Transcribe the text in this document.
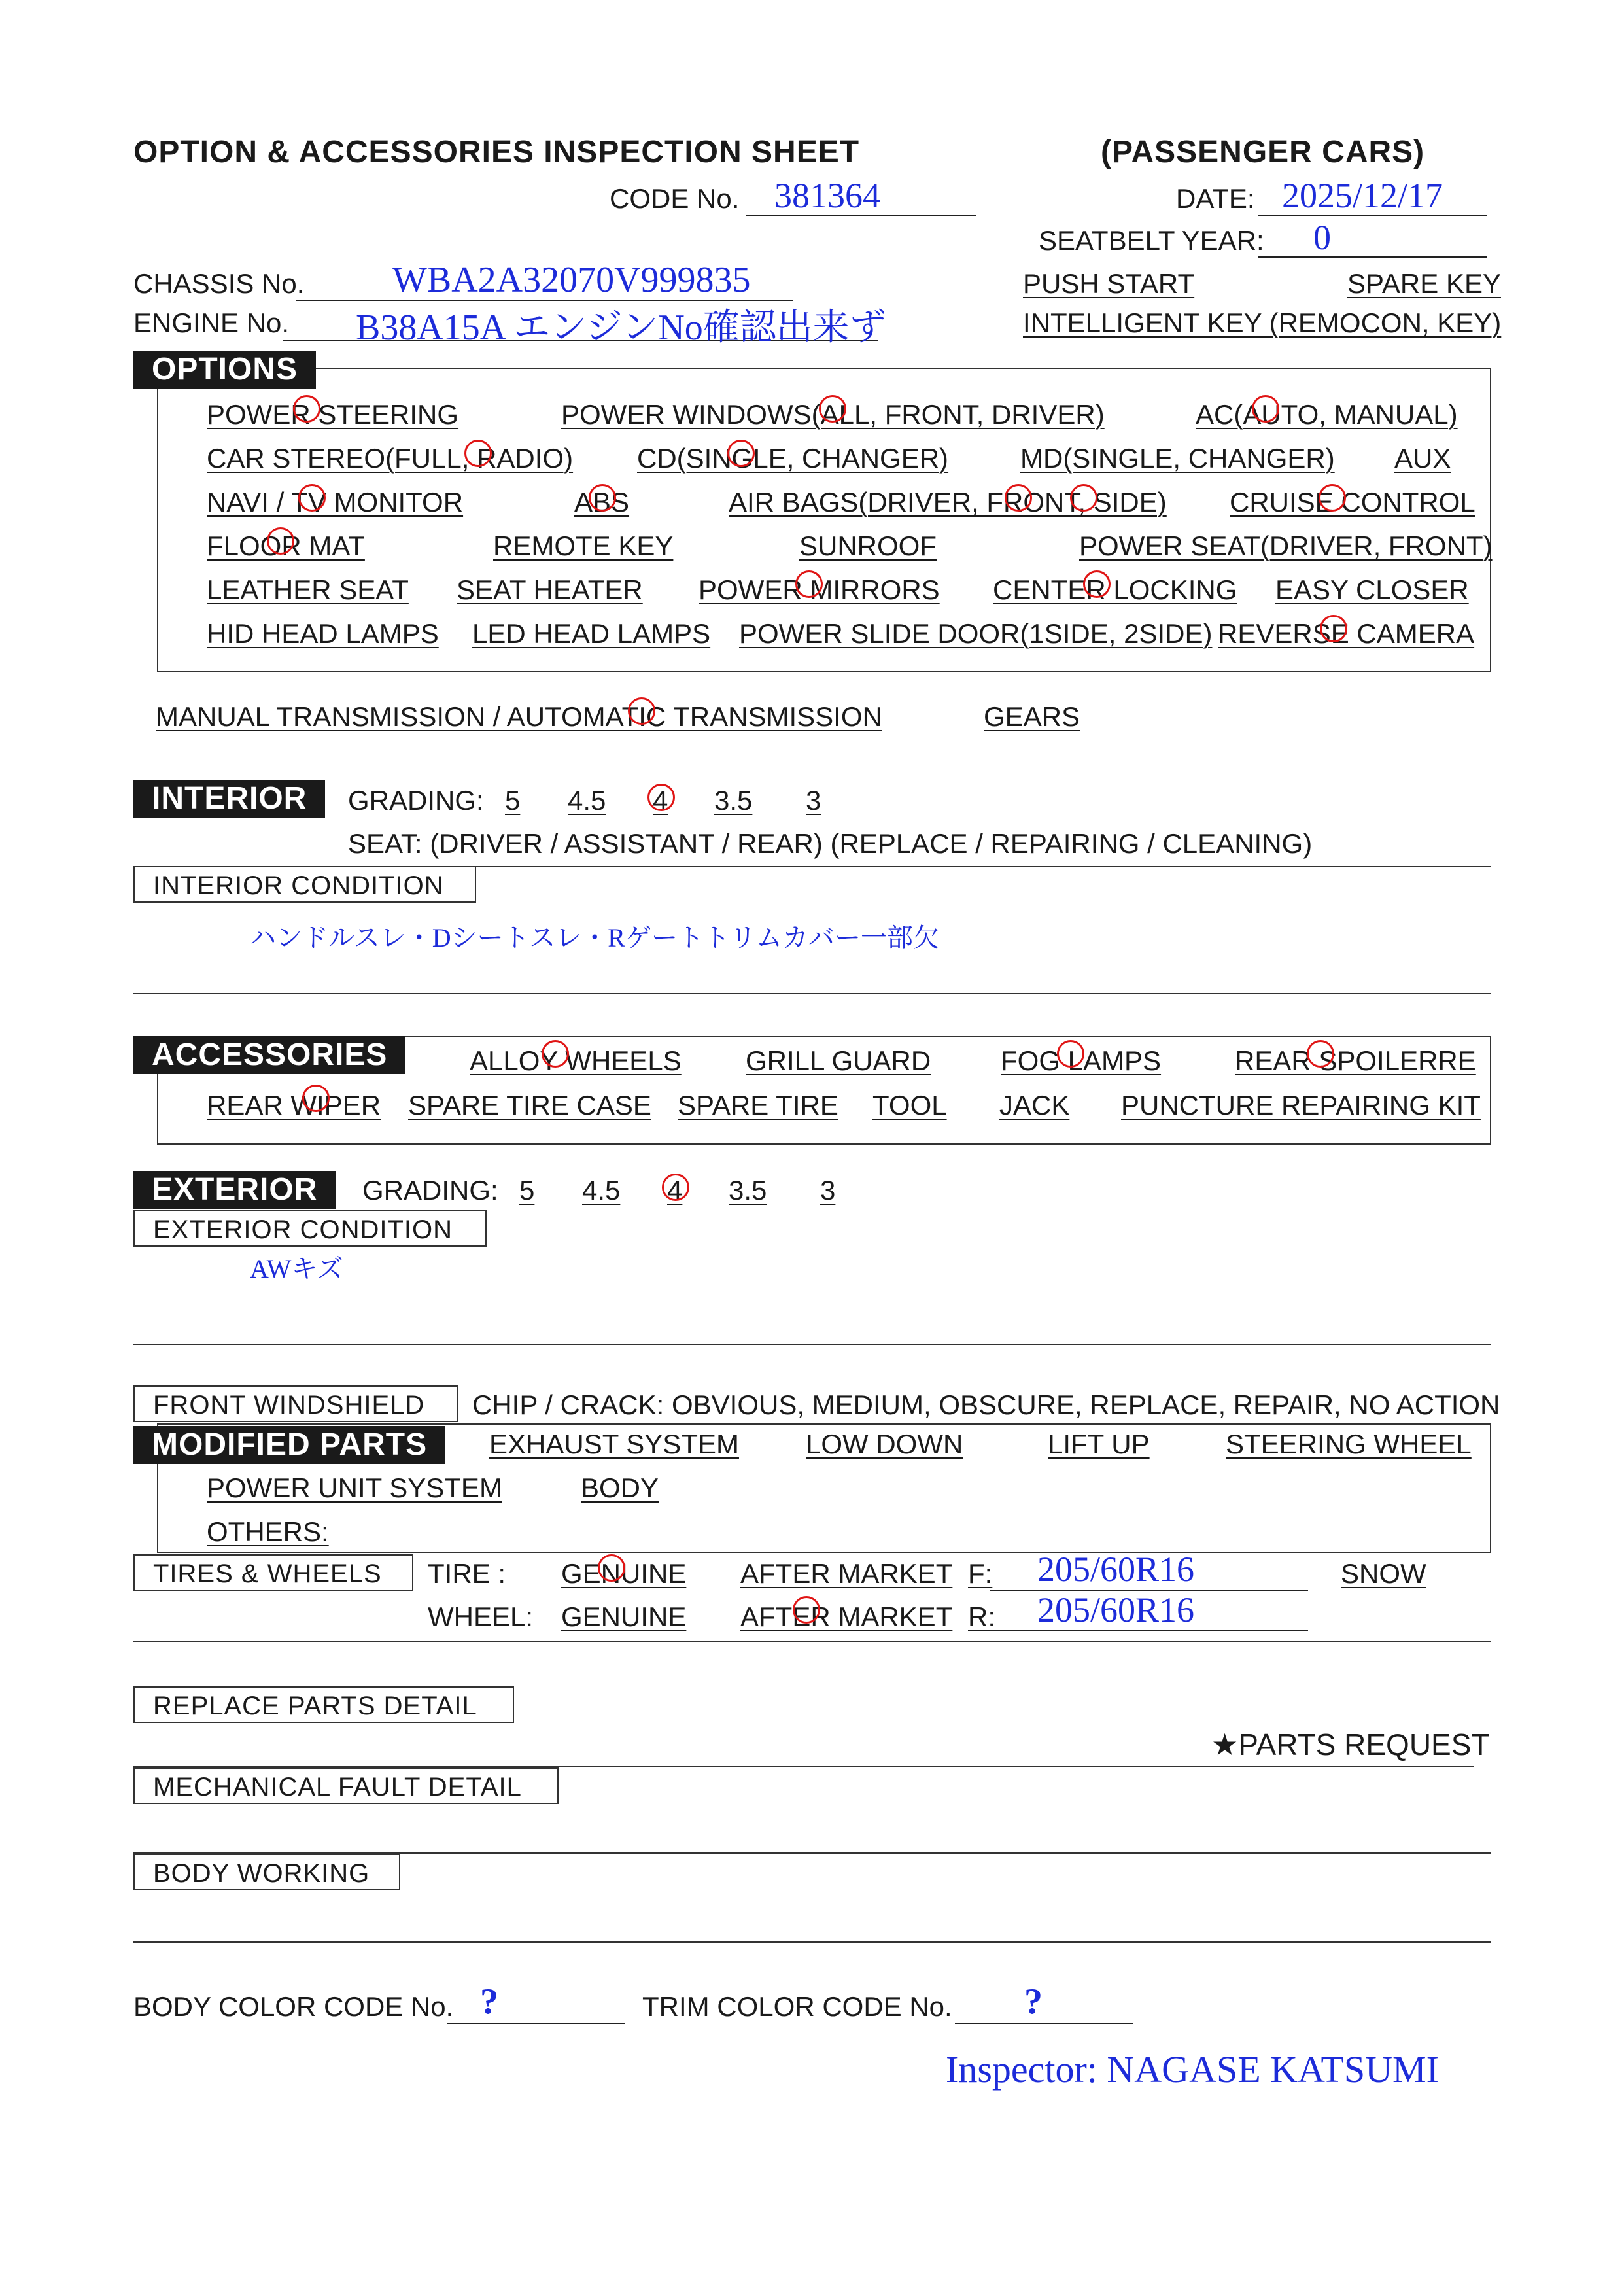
OPTION & ACCESSORIES INSPECTION SHEET	(PASSENGER CARS)
CODE No. 381364	DATE: 2025/12/17
SEATBELT YEAR: 0
CHASSIS No. WBA2A32070V999835
ENGINE No. B38A15A エンジンNo確認出来ず
PUSH START	SPARE KEY
INTELLIGENT KEY (REMOCON, KEY)
OPTIONS
POWER STEERING	POWER WINDOWS(ALL, FRONT, DRIVER)	AC(AUTO, MANUAL)
CAR STEREO(FULL, RADIO) CD(SINGLE, CHANGER)	MD(SINGLE, CHANGER) AUX
NAVI / TV MONITOR	ABS	AIR BAGS(DRIVER, FRONT, SIDE) CRUISE CONTROL
FLOOR MAT	REMOTE KEY	SUNROOF	POWER SEAT(DRIVER, FRONT)
LEATHER SEAT SEAT HEATER POWER MIRRORS CENTER LOCKING EASY CLOSER
HID HEAD LAMPS LED HEAD LAMPS POWER SLIDE DOOR(1SIDE, 2SIDE) REVERSE CAMERA
MANUAL TRANSMISSION / AUTOMATIC TRANSMISSION	GEARS
INTERIOR	GRADING: 5 4.5 4 3.5 3
SEAT: (DRIVER / ASSISTANT / REAR) (REPLACE / REPAIRING / CLEANING)
INTERIOR CONDITION
ハンドルスレ・Dシートスレ・Rゲートトリムカバー一部欠
ACCESSORIES	ALLOY WHEELS GRILL GUARD	FOG LAMPS	REAR SPOILERRE
REAR WIPER SPARE TIRE CASE SPARE TIRE TOOL JACK PUNCTURE REPAIRING KIT
EXTERIOR	GRADING: 5 4.5 4 3.5 3
EXTERIOR CONDITION
AWキズ
FRONT WINDSHIELD	CHIP / CRACK: OBVIOUS, MEDIUM, OBSCURE, REPLACE, REPAIR, NO ACTION
MODIFIED PARTS	EXHAUST SYSTEM LOW DOWN	LIFT UP	STEERING WHEEL
POWER UNIT SYSTEM	BODY
OTHERS:
TIRES & WHEELS	TIRE : GENUINE AFTER MARKET F: 205/60R16	SNOW
WHEEL: GENUINE AFTER MARKET R: 205/60R16
REPLACE PARTS DETAIL
★PARTS REQUEST
MECHANICAL FAULT DETAIL
BODY WORKING
BODY COLOR CODE No. ?	TRIM COLOR CODE No. ?
Inspector: NAGASE KATSUMI
